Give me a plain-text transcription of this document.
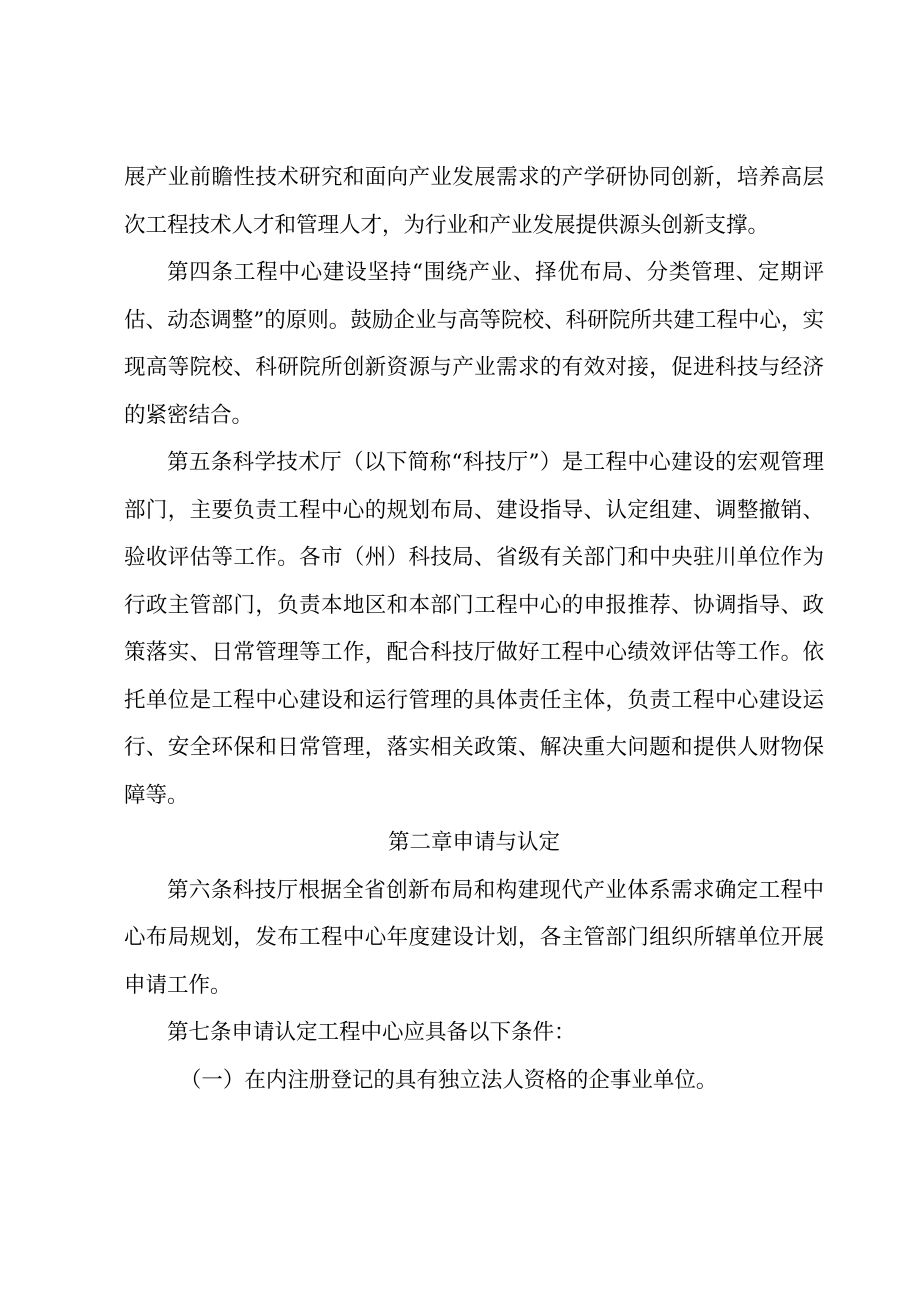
展产业前瞻性技术研究和面向产业发展需求的产学研协同创新，培养高层次工程技术人才和管理人才，为行业和产业发展提供源头创新支撑。

第四条工程中心建设坚持“围绕产业、择优布局、分类管理、定期评估、动态调整”的原则。鼓励企业与高等院校、科研院所共建工程中心，实现高等院校、科研院所创新资源与产业需求的有效对接，促进科技与经济的紧密结合。

第五条科学技术厅（以下简称“科技厅”）是工程中心建设的宏观管理部门，主要负责工程中心的规划布局、建设指导、认定组建、调整撤销、验收评估等工作。各市（州）科技局、省级有关部门和中央驻川单位作为行政主管部门，负责本地区和本部门工程中心的申报推荐、协调指导、政策落实、日常管理等工作，配合科技厅做好工程中心绩效评估等工作。依托单位是工程中心建设和运行管理的具体责任主体，负责工程中心建设运行、安全环保和日常管理，落实相关政策、解决重大问题和提供人财物保障等。

第二章申请与认定

第六条科技厅根据全省创新布局和构建现代产业体系需求确定工程中心布局规划，发布工程中心年度建设计划，各主管部门组织所辖单位开展申请工作。

第七条申请认定工程中心应具备以下条件：

（一）在内注册登记的具有独立法人资格的企事业单位。
